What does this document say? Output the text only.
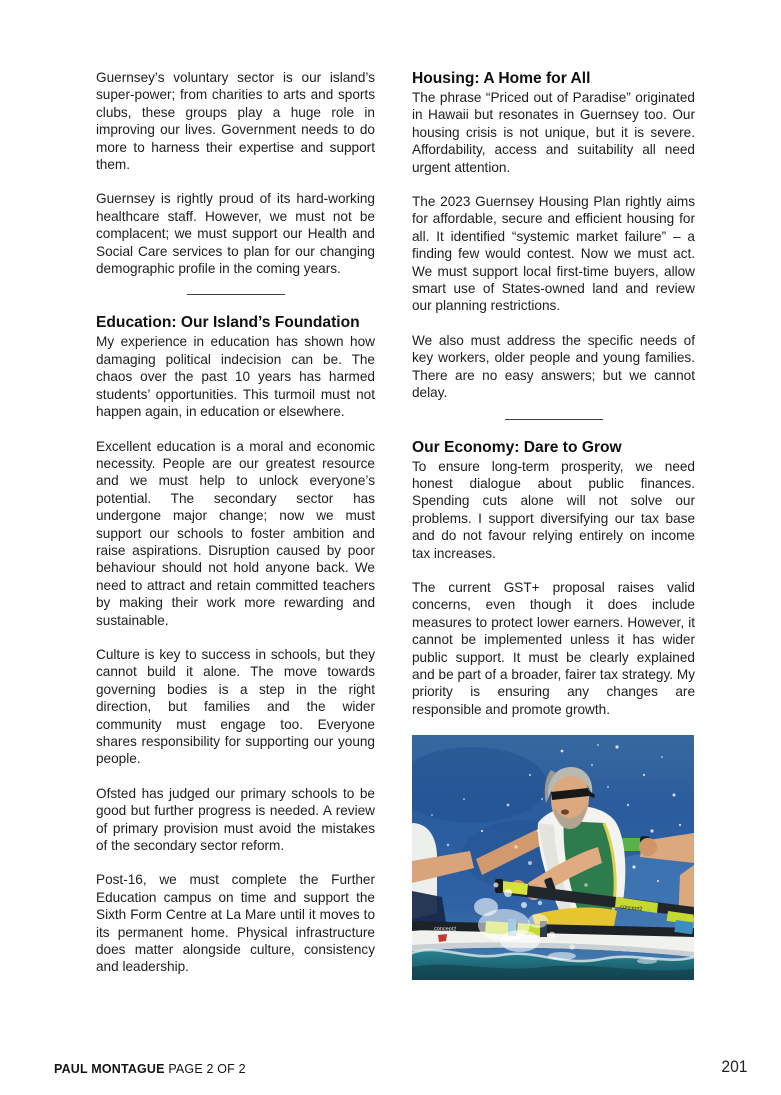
Guernsey’s voluntary sector is our island’s super-power; from charities to arts and sports clubs, these groups play a huge role in improving our lives. Government needs to do more to harness their expertise and support them.

Guernsey is rightly proud of its hard-working healthcare staff. However, we must not be complacent; we must support our Health and Social Care services to plan for our changing demographic profile in the coming years.

Education: Our Island’s Foundation

My experience in education has shown how damaging political indecision can be. The chaos over the past 10 years has harmed students’ opportunities. This turmoil must not happen again, in education or elsewhere.

Excellent education is a moral and economic necessity. People are our greatest resource and we must help to unlock everyone’s potential. The secondary sector has undergone major change; now we must support our schools to foster ambition and raise aspirations. Disruption caused by poor behaviour should not hold anyone back. We need to attract and retain committed teachers by making their work more rewarding and sustainable.

Culture is key to success in schools, but they cannot build it alone. The move towards governing bodies is a step in the right direction, but families and the wider community must engage too. Everyone shares responsibility for supporting our young people.

Ofsted has judged our primary schools to be good but further progress is needed. A review of primary provision must avoid the mistakes of the secondary sector reform.

Post-16, we must complete the Further Education campus on time and support the Sixth Form Centre at La Mare until it moves to its permanent home. Physical infrastructure does matter alongside culture, consistency and leadership.

Housing: A Home for All

The phrase “Priced out of Paradise” originated in Hawaii but resonates in Guernsey too. Our housing crisis is not unique, but it is severe. Affordability, access and suitability all need urgent attention.

The 2023 Guernsey Housing Plan rightly aims for affordable, secure and efficient housing for all. It identified “systemic market failure” – a finding few would contest. Now we must act. We must support local first-time buyers, allow smart use of States-owned land and review our planning restrictions.

We also must address the specific needs of key workers, older people and young families. There are no easy answers; but we cannot delay.

Our Economy: Dare to Grow

To ensure long-term prosperity, we need honest dialogue about public finances. Spending cuts alone will not solve our problems. I support diversifying our tax base and do not favour relying entirely on income tax increases.

The current GST+ proposal raises valid concerns, even though it does include measures to protect lower earners. However, it cannot be implemented unless it has wider public support. It must be clearly explained and be part of a broader, fairer tax strategy. My priority is ensuring any changes are responsible and promote growth.

concept2
concept2
PAUL MONTAGUE PAGE 2 OF 2	201
